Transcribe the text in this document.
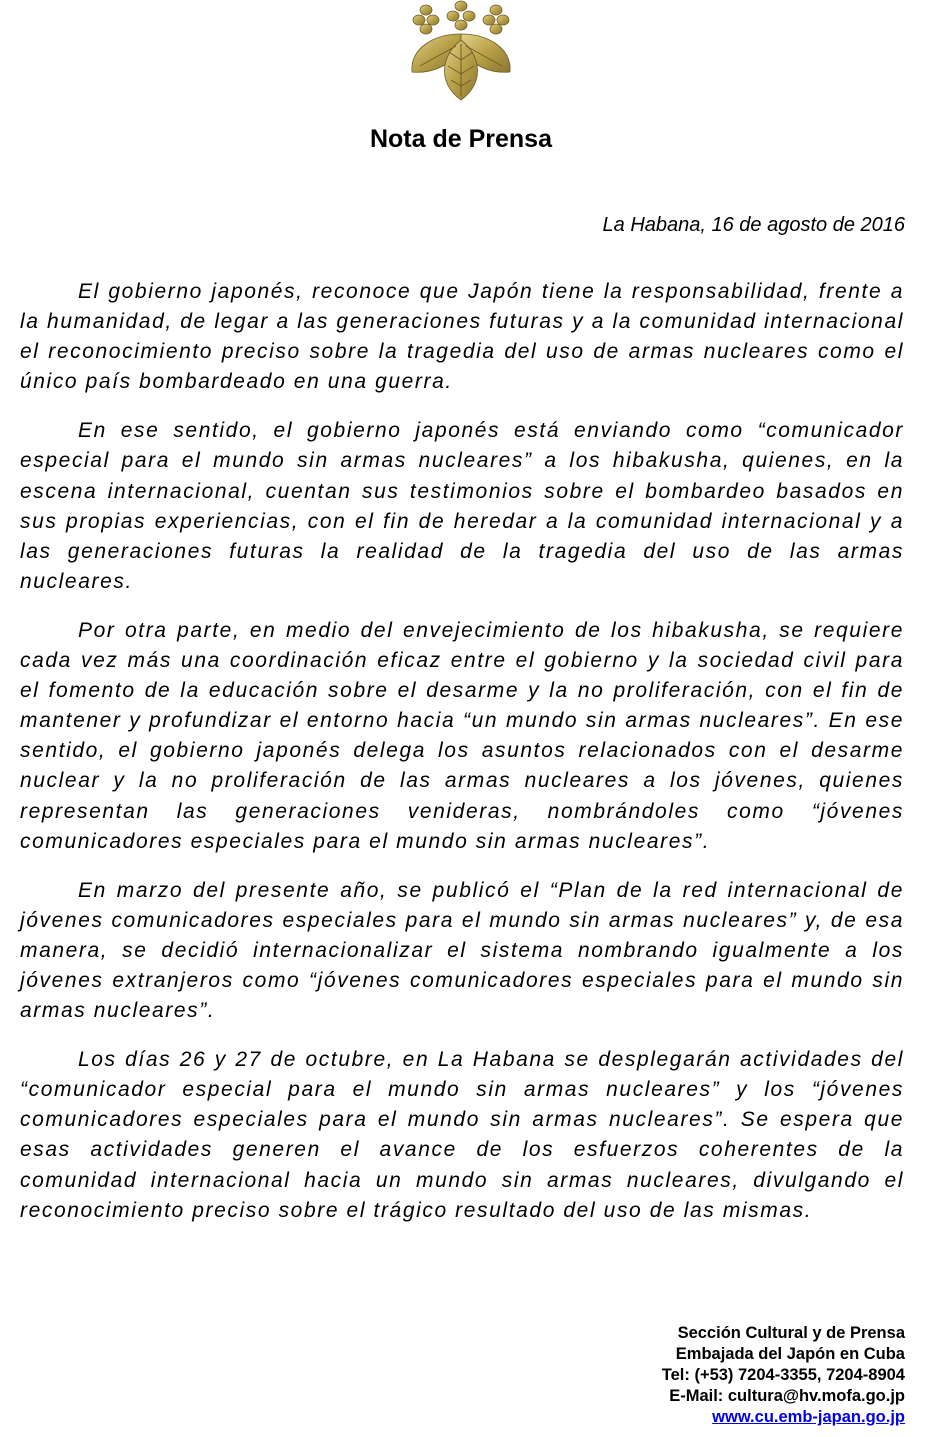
Nota de Prensa
La Habana, 16 de agosto de 2016

El gobierno japonés, reconoce que Japón tiene la responsabilidad, frente a la humanidad, de legar a las generaciones futuras y a la comunidad internacional el reconocimiento preciso sobre la tragedia del uso de armas nucleares como el único país bombardeado en una guerra.

En ese sentido, el gobierno japonés está enviando como “comunicador especial para el mundo sin armas nucleares” a los hibakusha, quienes, en la escena internacional, cuentan sus testimonios sobre el bombardeo basados en sus propias experiencias, con el fin de heredar a la comunidad internacional y a las generaciones futuras la realidad de la tragedia del uso de las armas nucleares.

Por otra parte, en medio del envejecimiento de los hibakusha, se requiere cada vez más una coordinación eficaz entre el gobierno y la sociedad civil para el fomento de la educación sobre el desarme y la no proliferación, con el fin de mantener y profundizar el entorno hacia “un mundo sin armas nucleares”. En ese sentido, el gobierno japonés delega los asuntos relacionados con el desarme nuclear y la no proliferación de las armas nucleares a los jóvenes, quienes representan las generaciones venideras, nombrándoles como “jóvenes comunicadores especiales para el mundo sin armas nucleares”.

En marzo del presente año, se publicó el “Plan de la red internacional de jóvenes comunicadores especiales para el mundo sin armas nucleares” y, de esa manera, se decidió internacionalizar el sistema nombrando igualmente a los jóvenes extranjeros como “jóvenes comunicadores especiales para el mundo sin armas nucleares”.

Los días 26 y 27 de octubre, en La Habana se desplegarán actividades del “comunicador especial para el mundo sin armas nucleares” y los “jóvenes comunicadores especiales para el mundo sin armas nucleares”. Se espera que esas actividades generen el avance de los esfuerzos coherentes de la comunidad internacional hacia un mundo sin armas nucleares, divulgando el reconocimiento preciso sobre el trágico resultado del uso de las mismas.

Sección Cultural y de Prensa
Embajada del Japón en Cuba
Tel: (+53) 7204-3355, 7204-8904
E-Mail: cultura@hv.mofa.go.jp
www.cu.emb-japan.go.jp
